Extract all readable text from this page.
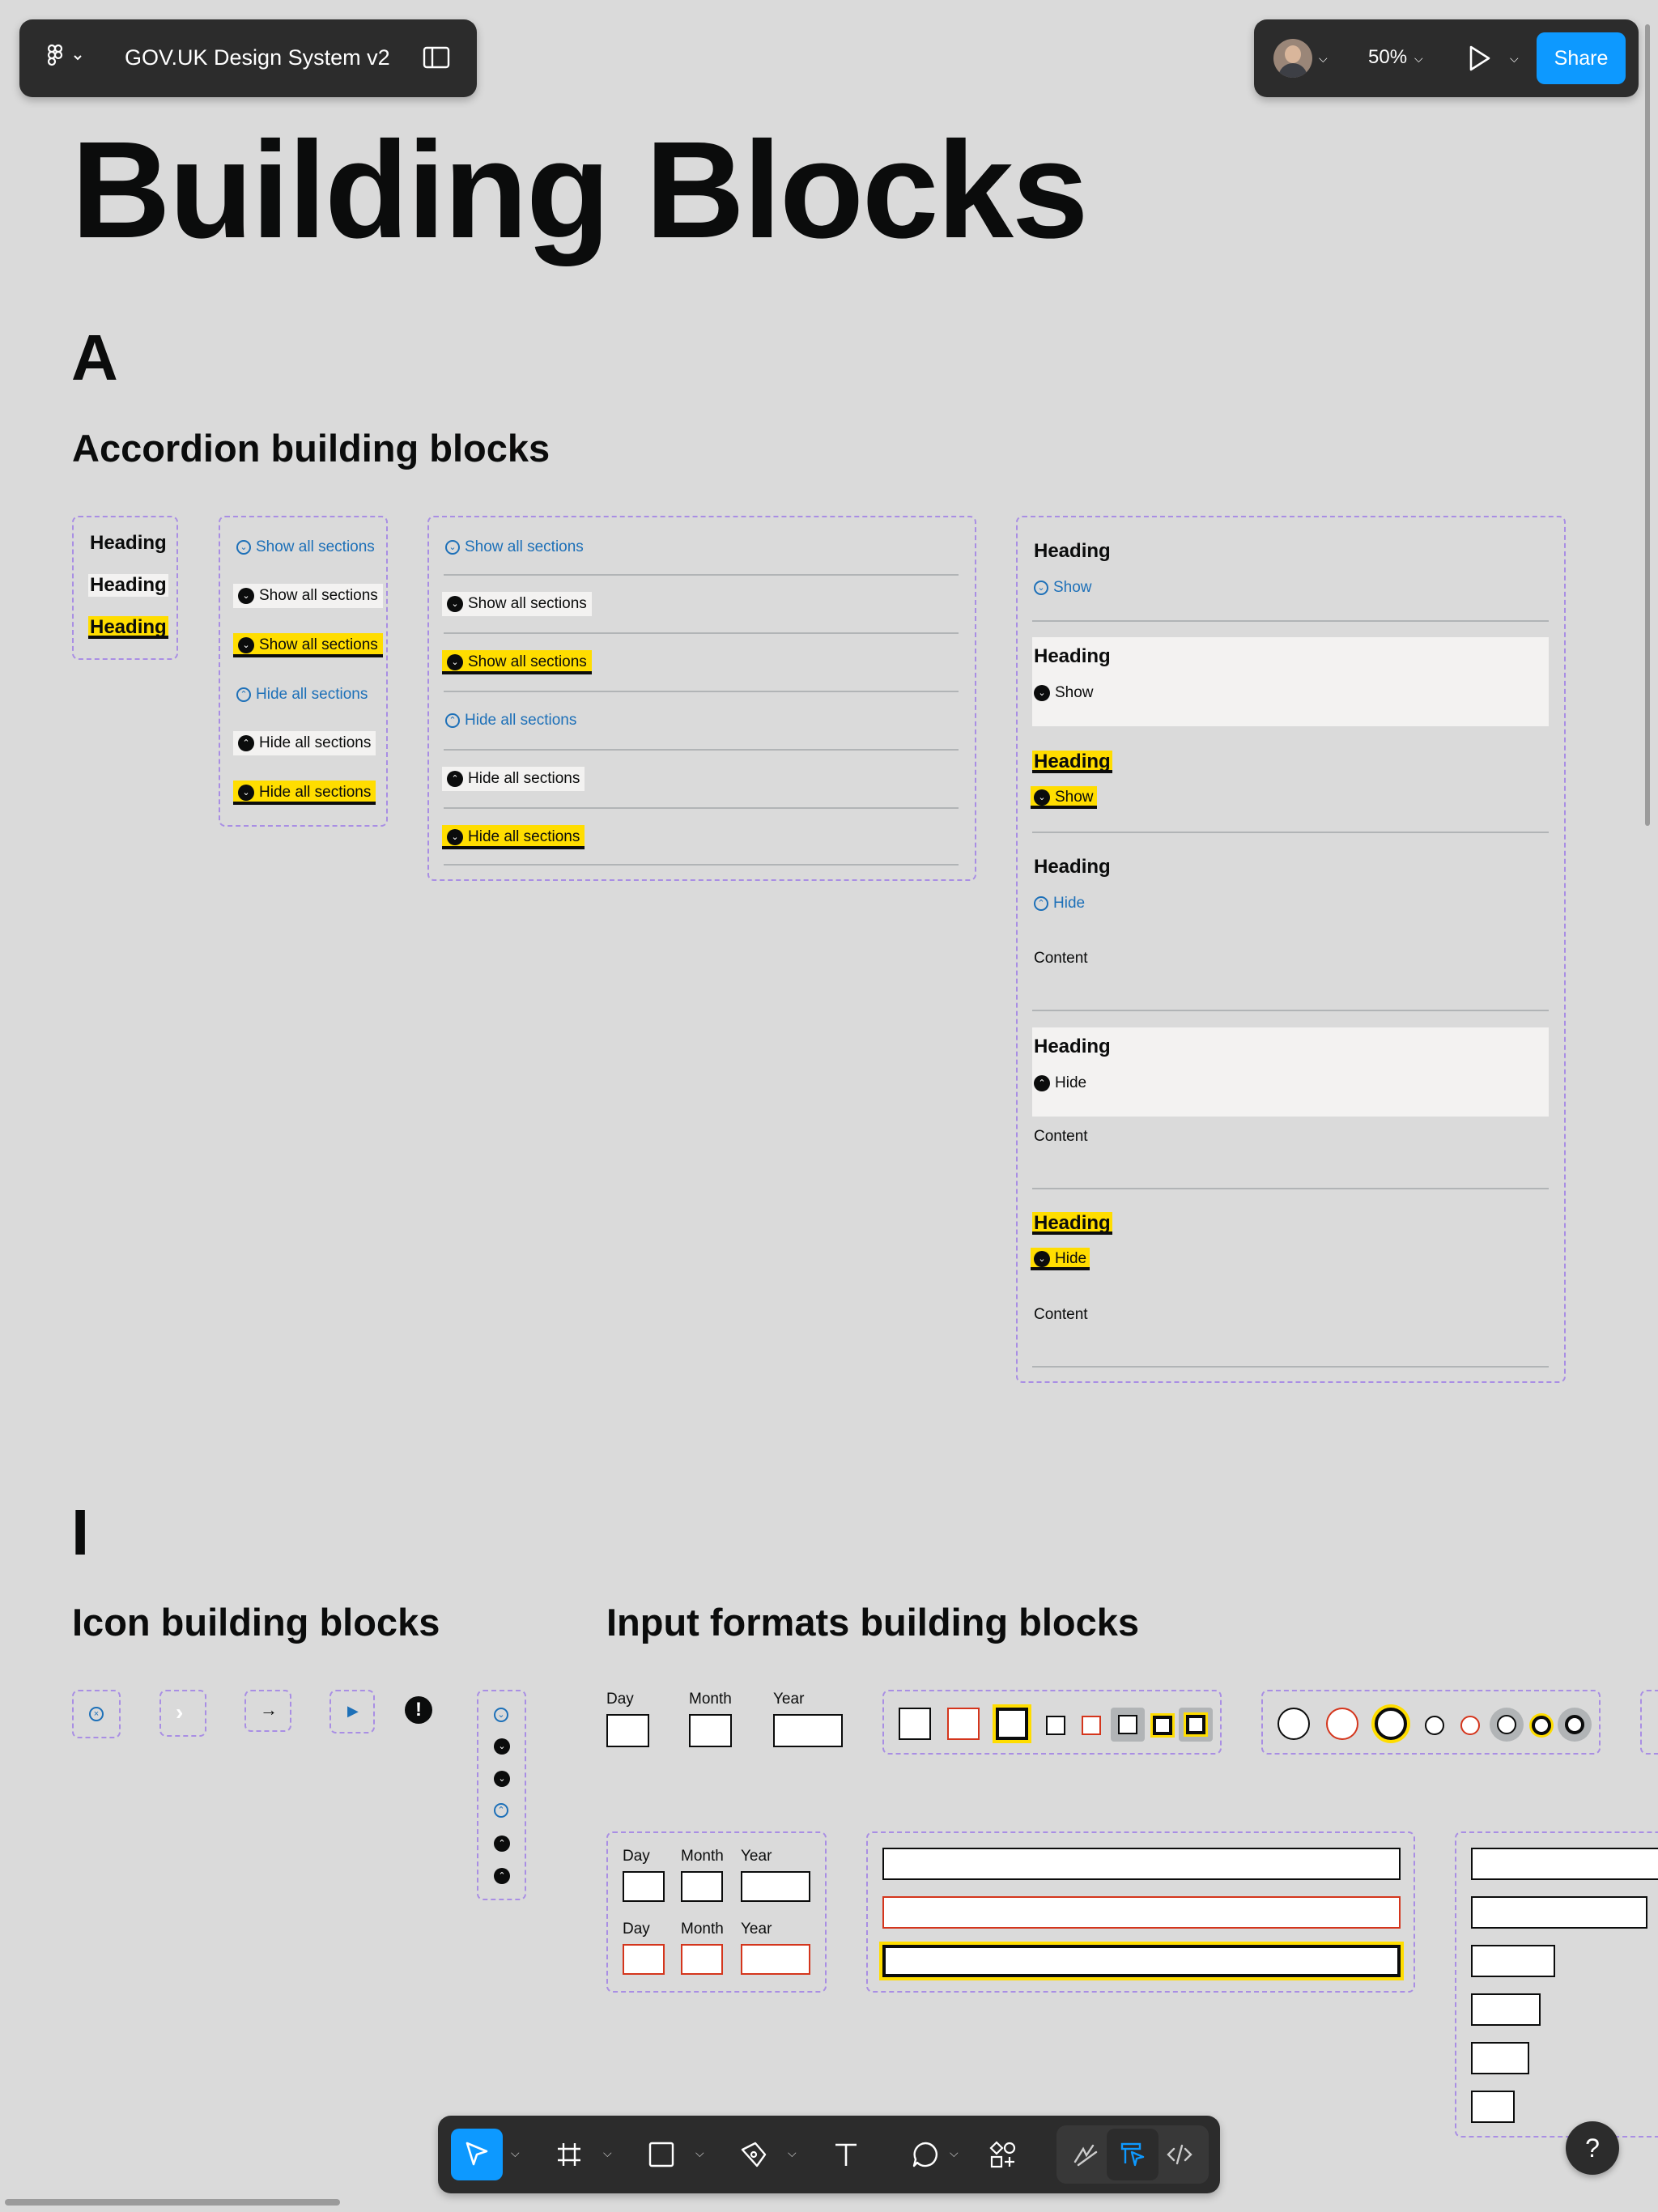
GOV.UK Design System v2	⌵ 50% ⌵	⌵	Share
Building Blocks
A
Accordion building blocks
Heading
Heading
Heading
⌄ Show all sections
⌄ Show all sections
⌄ Show all sections
⌃ Hide all sections
⌃ Hide all sections
⌄ Hide all sections
⌄ Show all sections
⌄ Show all sections
⌄ Show all sections
⌃ Hide all sections
⌃ Hide all sections
⌄ Hide all sections
Heading
⌄ Show
Heading
⌄ Show
Heading
⌄ Show
Heading
⌃ Hide
Content
Heading
⌃ Hide
Content
Heading
⌄ Hide
Content
I
Icon building blocks	Input formats building blocks
×	›	→	▶	!	⌄
⌄
⌄
⌃
⌃
⌃
Day	Month	Year
Day Month Year
Day Month Year
⌵	⌵	⌵	⌵	⌵	?
